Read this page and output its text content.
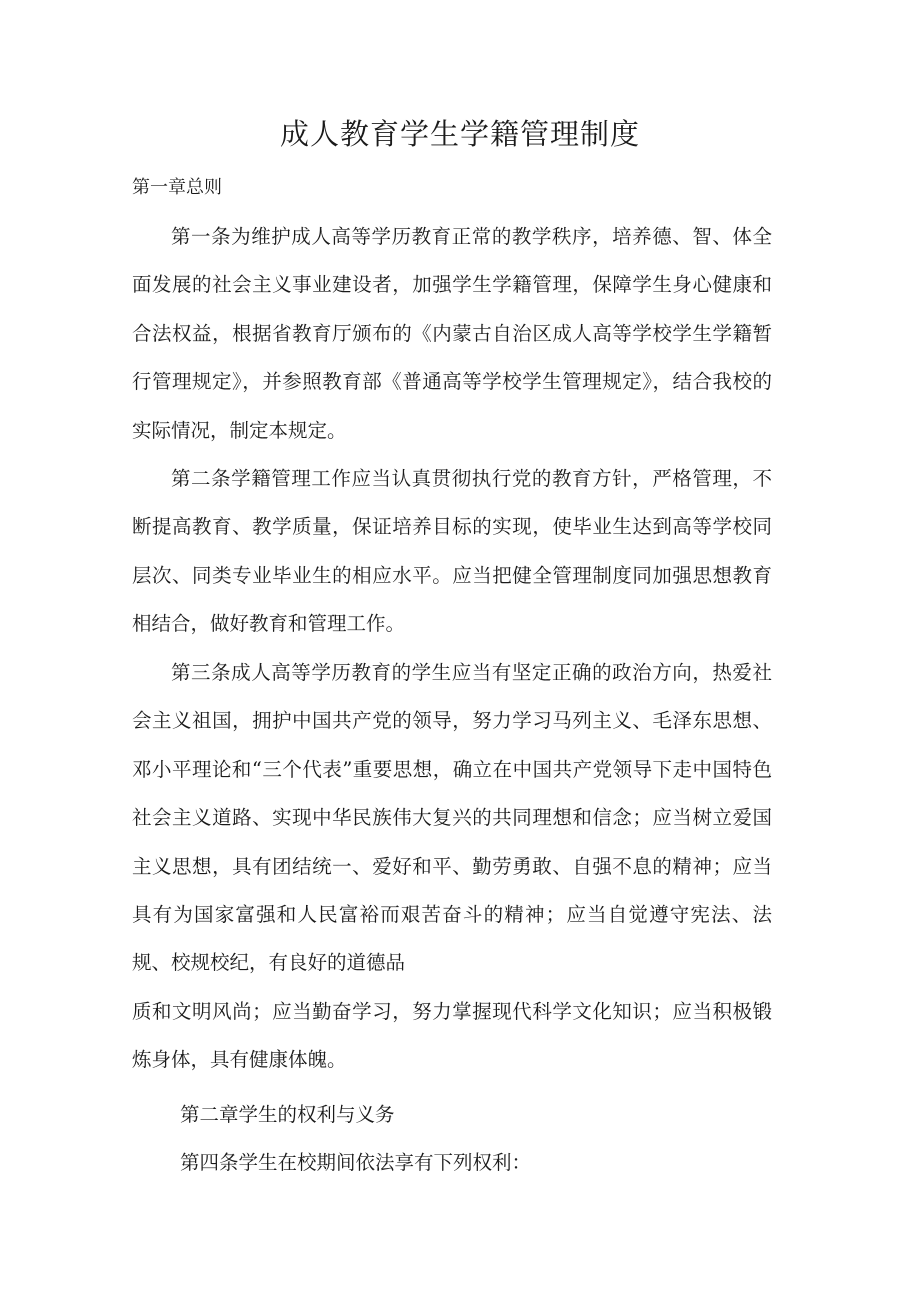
成人教育学生学籍管理制度

第一章总则

第一条为维护成人高等学历教育正常的教学秩序，培养德、智、体全面发展的社会主义事业建设者，加强学生学籍管理，保障学生身心健康和合法权益，根据省教育厅颁布的《内蒙古自治区成人高等学校学生学籍暂行管理规定》，并参照教育部《普通高等学校学生管理规定》，结合我校的实际情况，制定本规定。

第二条学籍管理工作应当认真贯彻执行党的教育方针，严格管理，不断提高教育、教学质量，保证培养目标的实现，使毕业生达到高等学校同层次、同类专业毕业生的相应水平。应当把健全管理制度同加强思想教育相结合，做好教育和管理工作。

第三条成人高等学历教育的学生应当有坚定正确的政治方向，热爱社会主义祖国，拥护中国共产党的领导，努力学习马列主义、毛泽东思想、邓小平理论和“三个代表”重要思想，确立在中国共产党领导下走中国特色社会主义道路、实现中华民族伟大复兴的共同理想和信念；应当树立爱国主义思想，具有团结统一、爱好和平、勤劳勇敢、自强不息的精神；应当具有为国家富强和人民富裕而艰苦奋斗的精神；应当自觉遵守宪法、法规、校规校纪，有良好的道德品

质和文明风尚；应当勤奋学习，努力掌握现代科学文化知识；应当积极锻炼身体，具有健康体魄。

第二章学生的权利与义务

第四条学生在校期间依法享有下列权利：
